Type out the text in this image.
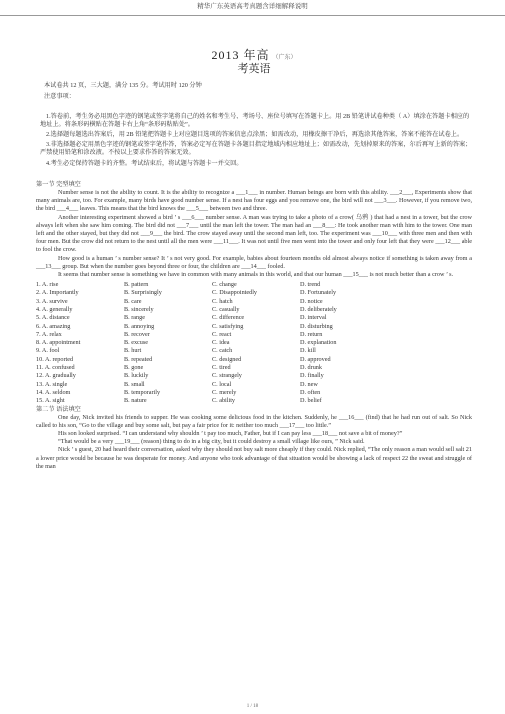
精华广东英语高考真题含详细解释说明
2013 年高 （广东）
考英语
本试卷共 12 页，三大题，满分 135 分。考试用时 120 分钟
注意事项：

1.答卷前，考生务必用黑色字迹的钢笔或签字笔将自己的姓名和考生号、考场号、座位号填写在答题卡上。用 2B 铅笔讲试卷种类（ A）填涂在答题卡相应的地址上。将条形码横贴在答题卡右上角“条形码粘贴处”。

2.选择题每题选出答案后，用 2B 铅笔把答题卡上对应题目选项的答案信息点涂黑；如需改动，用橡皮擦干净后，再选涂其他答案，答案不能答在试卷上。

3.非选择题必定用黑色字迹的钢笔或签字笔作答，答案必定写在答题卡各题目指定地域内相应地址上；如需改动，先划掉原来的答案，尔后再写上新的答案；严禁使用铅笔和涂改液。不按以上要求作答的答案无效。

4.考生必定保持答题卡的齐整。考试结束后，将试题与答题卡一并交回。

第一节 完型填空

Number sense is not the ability to count. It is the ability to recognize a ___1___ in number. Human beings are born with this ability. ___2___, Experiments show that many animals are, too. For example, many birds have good number sense. If a nest has four eggs and you remove one, the bird will not ___3___. However, if you remove two, the bird ___4___ leaves. This means that the bird knows the ___5___ between two and three.

Another interesting experiment showed a bird ’ s ___6___ number sense. A man was trying to take a photo of a crow( 乌鸦 ) that had a nest in a tower, but the crow always left when she saw him coming. The bird did not ___7___ until the man left the tower. The man had an ___8___: He took another man with him to the tower. One man left and the other stayed, but they did not ___9___ the bird. The crow stayed away until the second man left, too. The experiment was ___10___ with three men and then with four men. But the crow did not return to the nest until all the men were ___11___. It was not until five men went into the tower and only four left that they were ___12___ able to fool the crow.

How good is a human ’ s number sense? It ’ s not very good. For example, babies about fourteen months old almost always notice if something is taken away from a ___13___ group. But when the number goes beyond three or four, the children are ___14___ fooled.

It seems that number sense is something we have in common with many animals in this world, and that our human ___15___ is not much better than a crow ’ s.

1. A. rise	B. pattern	C. change	D. trend
2. A. Importantly	B. Surprisingly	C. Disappointedly	D. Fortunately
3. A. survive	B. care	C. hatch	D. notice
4. A. generally	B. sincerely	C. casually	D. deliberately
5. A. distance	B. range	C. difference	D. interval
6. A. amazing	B. annoying	C. satisfying	D. disturbing
7. A. relax	B. recover	C. react	D. return
8. A. appointment	B. excuse	C. idea	D. explanation
9. A. fool	B. hurt	C. catch	D. kill
10. A. reported	B. repeated	C. designed	D. approved
11. A. confused	B. gone	C. tired	D. drunk
12. A. gradually	B. luckily	C. strangely	D. finally
13. A. single	B. small	C. local	D. new
14. A. seldom	B. temporarily	C. merely	D. often
15. A. sight	B. nature	C. ability	D. belief
第二节 语法填空

One day, Nick invited his friends to supper. He was cooking some delicious food in the kitchen. Suddenly, he ___16___ (find) that he had run out of salt. So Nick called to his son, “Go to the village and buy some salt, but pay a fair price for it: neither too much ___17___ too little.”

His son looked surprised. “I can understand why shouldn ’ t pay too much, Father, but if I can pay less ___18___ not save a bit of money?”

“That would be a very ___19___ (reason) thing to do in a big city, but it could destroy a small village like ours, ” Nick said.

Nick ’ s guest, 20 had heard their conversation, asked why they should not buy salt more cheaply if they could. Nick replied, “The only reason a man would sell salt 21 a lower price would be because he was desperate for money. And anyone who took advantage of that situation would be showing a lack of respect 22 the sweat and struggle of the man

1 / 18
